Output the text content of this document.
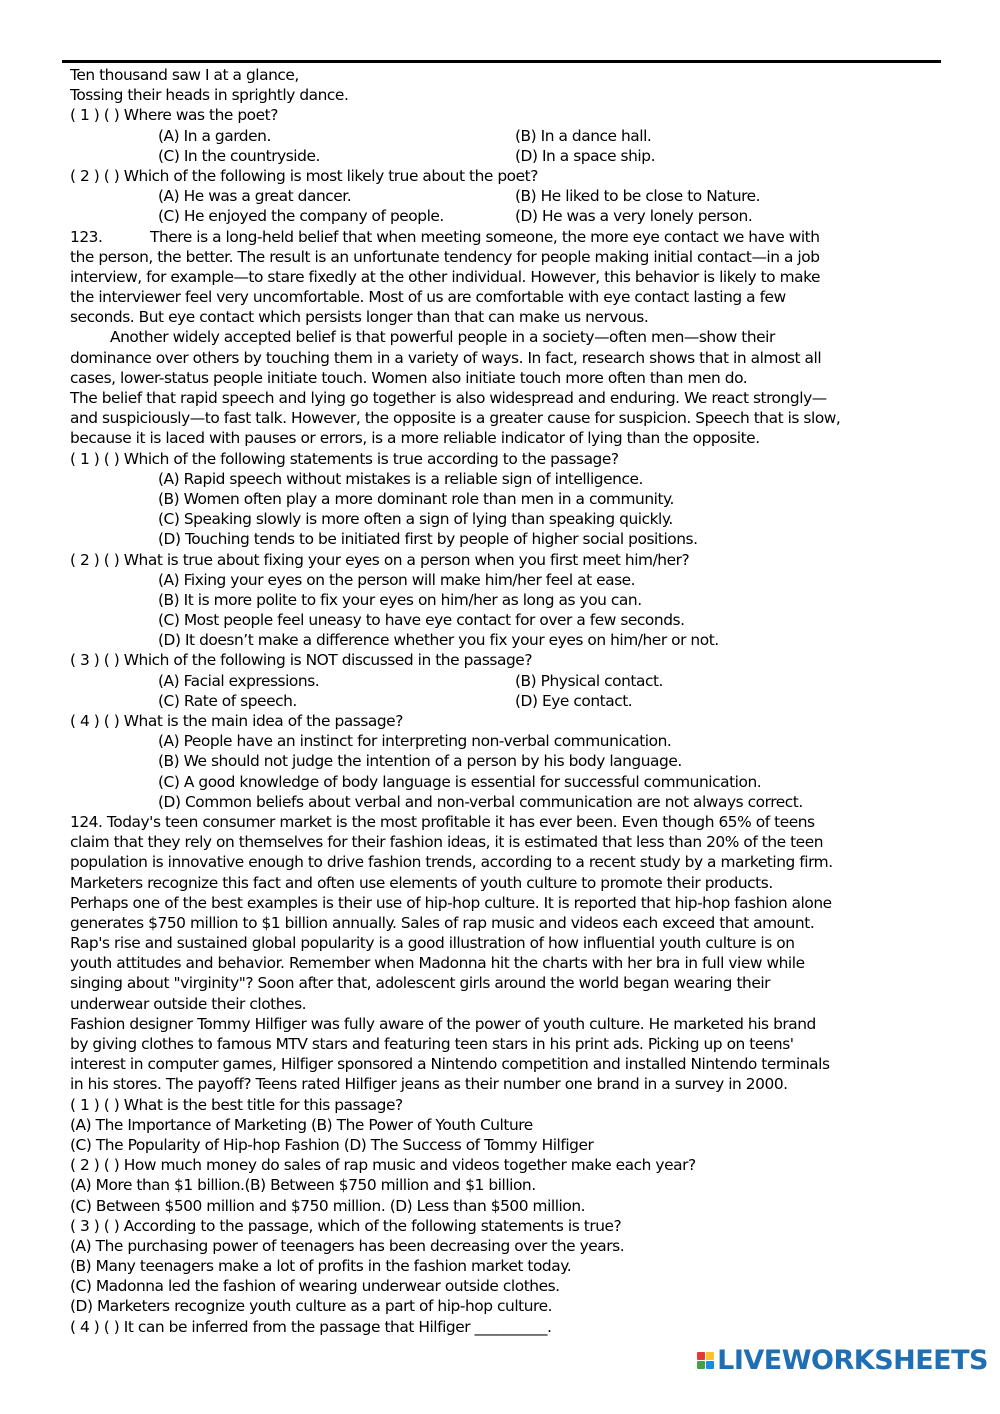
Ten thousand saw I at a glance,
Tossing their heads in sprightly dance.
( 1 ) ( ) Where was the poet?
(A) In a garden.	(B) In a dance hall.
(C) In the countryside.	(D) In a space ship.
( 2 ) ( ) Which of the following is most likely true about the poet?
(A) He was a great dancer.	(B) He liked to be close to Nature.
(C) He enjoyed the company of people.	(D) He was a very lonely person.
123.	There is a long-held belief that when meeting someone, the more eye contact we have with
the person, the better. The result is an unfortunate tendency for people making initial contact—in a job
interview, for example—to stare fixedly at the other individual. However, this behavior is likely to make
the interviewer feel very uncomfortable. Most of us are comfortable with eye contact lasting a few
seconds. But eye contact which persists longer than that can make us nervous.
Another widely accepted belief is that powerful people in a society—often men—show their
dominance over others by touching them in a variety of ways. In fact, research shows that in almost all
cases, lower-status people initiate touch. Women also initiate touch more often than men do.
The belief that rapid speech and lying go together is also widespread and enduring. We react strongly—
and suspiciously—to fast talk. However, the opposite is a greater cause for suspicion. Speech that is slow,
because it is laced with pauses or errors, is a more reliable indicator of lying than the opposite.
( 1 ) ( ) Which of the following statements is true according to the passage?
(A) Rapid speech without mistakes is a reliable sign of intelligence.
(B) Women often play a more dominant role than men in a community.
(C) Speaking slowly is more often a sign of lying than speaking quickly.
(D) Touching tends to be initiated first by people of higher social positions.
( 2 ) ( ) What is true about fixing your eyes on a person when you first meet him/her?
(A) Fixing your eyes on the person will make him/her feel at ease.
(B) It is more polite to fix your eyes on him/her as long as you can.
(C) Most people feel uneasy to have eye contact for over a few seconds.
(D) It doesn’t make a difference whether you fix your eyes on him/her or not.
( 3 ) ( ) Which of the following is NOT discussed in the passage?
(A) Facial expressions.	(B) Physical contact.
(C) Rate of speech.	(D) Eye contact.
( 4 ) ( ) What is the main idea of the passage?
(A) People have an instinct for interpreting non-verbal communication.
(B) We should not judge the intention of a person by his body language.
(C) A good knowledge of body language is essential for successful communication.
(D) Common beliefs about verbal and non-verbal communication are not always correct.
124. Today's teen consumer market is the most profitable it has ever been. Even though 65% of teens
claim that they rely on themselves for their fashion ideas, it is estimated that less than 20% of the teen
population is innovative enough to drive fashion trends, according to a recent study by a marketing firm.
Marketers recognize this fact and often use elements of youth culture to promote their products.
Perhaps one of the best examples is their use of hip-hop culture. It is reported that hip-hop fashion alone
generates $750 million to $1 billion annually. Sales of rap music and videos each exceed that amount.
Rap's rise and sustained global popularity is a good illustration of how influential youth culture is on
youth attitudes and behavior. Remember when Madonna hit the charts with her bra in full view while
singing about "virginity"? Soon after that, adolescent girls around the world began wearing their
underwear outside their clothes.
Fashion designer Tommy Hilfiger was fully aware of the power of youth culture. He marketed his brand
by giving clothes to famous MTV stars and featuring teen stars in his print ads. Picking up on teens'
interest in computer games, Hilfiger sponsored a Nintendo competition and installed Nintendo terminals
in his stores. The payoff? Teens rated Hilfiger jeans as their number one brand in a survey in 2000.
( 1 ) ( ) What is the best title for this passage?
(A) The Importance of Marketing (B) The Power of Youth Culture
(C) The Popularity of Hip-hop Fashion (D) The Success of Tommy Hilfiger
( 2 ) ( ) How much money do sales of rap music and videos together make each year?
(A) More than $1 billion.(B) Between $750 million and $1 billion.
(C) Between $500 million and $750 million. (D) Less than $500 million.
( 3 ) ( ) According to the passage, which of the following statements is true?
(A) The purchasing power of teenagers has been decreasing over the years.
(B) Many teenagers make a lot of profits in the fashion market today.
(C) Madonna led the fashion of wearing underwear outside clothes.
(D) Marketers recognize youth culture as a part of hip-hop culture.
( 4 ) ( ) It can be inferred from the passage that Hilfiger __________.
LIVEWORKSHEETS
